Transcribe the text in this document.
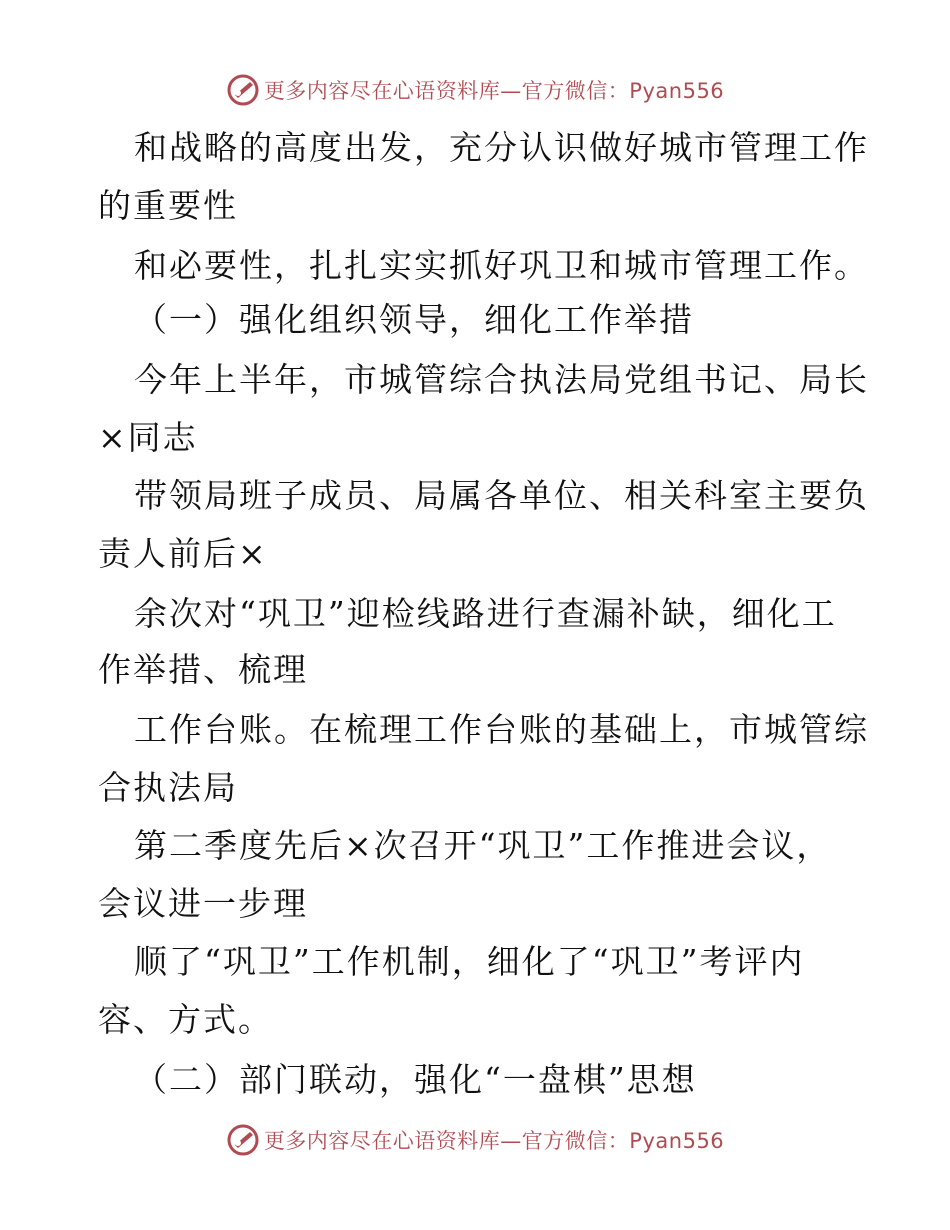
更多内容尽在心语资料库—官方微信：Pyan556
和战略的高度出发，充分认识做好城市管理工作
的重要性
和必要性，扎扎实实抓好巩卫和城市管理工作。
（一）强化组织领导，细化工作举措
今年上半年，市城管综合执法局党组书记、局长
×同志
带领局班子成员、局属各单位、相关科室主要负
责人前后×
余次对“巩卫”迎检线路进行查漏补缺，细化工
作举措、梳理
工作台账。在梳理工作台账的基础上，市城管综
合执法局
第二季度先后×次召开“巩卫”工作推进会议，
会议进一步理
顺了“巩卫”工作机制，细化了“巩卫”考评内
容、方式。
（二）部门联动，强化“一盘棋”思想
更多内容尽在心语资料库—官方微信：Pyan556
